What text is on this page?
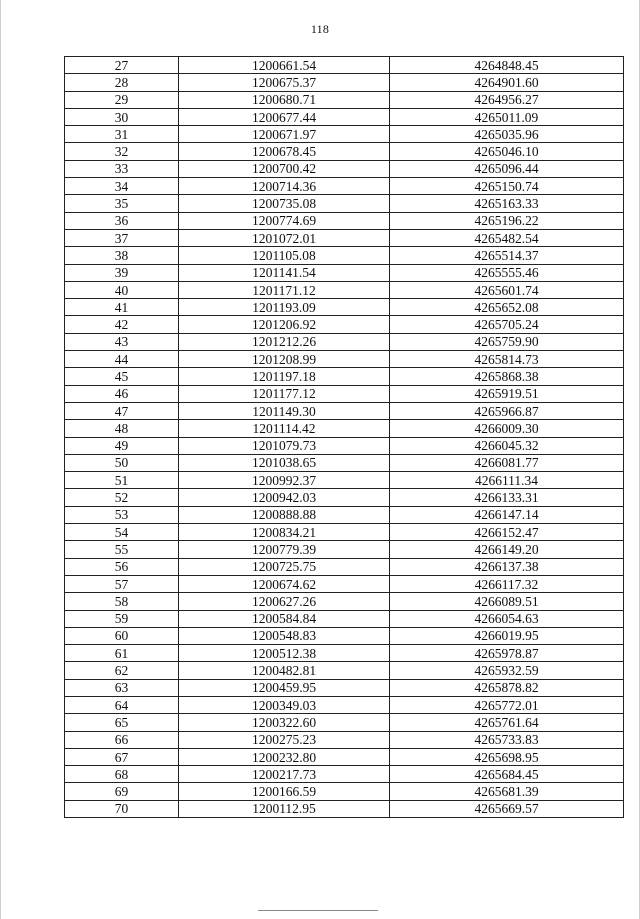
118
27	1200661.54	4264848.45
28	1200675.37	4264901.60
29	1200680.71	4264956.27
30	1200677.44	4265011.09
31	1200671.97	4265035.96
32	1200678.45	4265046.10
33	1200700.42	4265096.44
34	1200714.36	4265150.74
35	1200735.08	4265163.33
36	1200774.69	4265196.22
37	1201072.01	4265482.54
38	1201105.08	4265514.37
39	1201141.54	4265555.46
40	1201171.12	4265601.74
41	1201193.09	4265652.08
42	1201206.92	4265705.24
43	1201212.26	4265759.90
44	1201208.99	4265814.73
45	1201197.18	4265868.38
46	1201177.12	4265919.51
47	1201149.30	4265966.87
48	1201114.42	4266009.30
49	1201079.73	4266045.32
50	1201038.65	4266081.77
51	1200992.37	4266111.34
52	1200942.03	4266133.31
53	1200888.88	4266147.14
54	1200834.21	4266152.47
55	1200779.39	4266149.20
56	1200725.75	4266137.38
57	1200674.62	4266117.32
58	1200627.26	4266089.51
59	1200584.84	4266054.63
60	1200548.83	4266019.95
61	1200512.38	4265978.87
62	1200482.81	4265932.59
63	1200459.95	4265878.82
64	1200349.03	4265772.01
65	1200322.60	4265761.64
66	1200275.23	4265733.83
67	1200232.80	4265698.95
68	1200217.73	4265684.45
69	1200166.59	4265681.39
70	1200112.95	4265669.57
